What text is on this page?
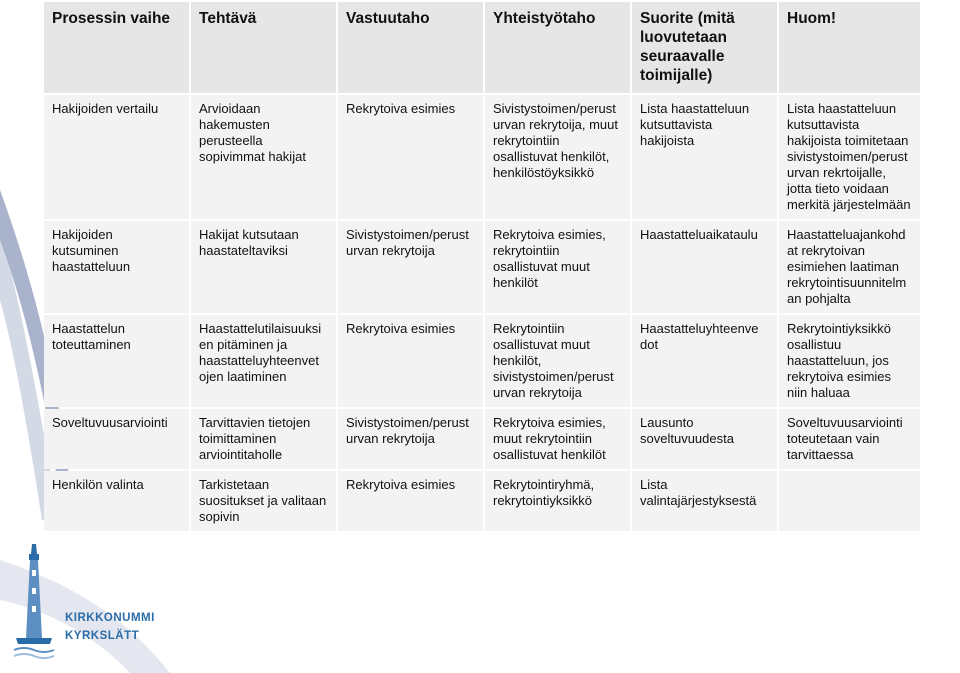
Prosessin vaihe	Tehtävä	Vastuutaho	Yhteistyötaho	Suorite (mitä luovutetaan seuraavalle toimijalle)	Huom!
Hakijoiden vertailu	Arvioidaan hakemusten perusteella sopivimmat hakijat	Rekrytoiva esimies	Sivistystoimen/perust urvan rekrytoija, muut rekrytointiin osallistuvat henkilöt, henkilöstöyksikkö	Lista haastatteluun kutsuttavista hakijoista	Lista haastatteluun kutsuttavista hakijoista toimitetaan sivistystoimen/perust urvan rekrtoijalle, jotta tieto voidaan merkitä järjestelmään
Hakijoiden kutsuminen haastatteluun	Hakijat kutsutaan haastateltaviksi	Sivistystoimen/perust urvan rekrytoija	Rekrytoiva esimies, rekrytointiin osallistuvat muut henkilöt	Haastatteluaikataulu	Haastatteluajankohd at rekrytoivan esimiehen laatiman rekrytointisuunnitelm an pohjalta
Haastattelun toteuttaminen	Haastattelutilaisuuksi en pitäminen ja haastatteluyhteenvet ojen laatiminen	Rekrytoiva esimies	Rekrytointiin osallistuvat muut henkilöt, sivistystoimen/perust urvan rekrytoija	Haastatteluyhteenve dot	Rekrytointiyksikkö osallistuu haastatteluun, jos rekrytoiva esimies niin haluaa
Soveltuvuusarviointi	Tarvittavien tietojen toimittaminen arviointitaholle	Sivistystoimen/perust urvan rekrytoija	Rekrytoiva esimies, muut rekrytointiin osallistuvat henkilöt	Lausunto soveltuvuudesta	Soveltuvuusarviointi toteutetaan vain tarvittaessa
Henkilön valinta	Tarkistetaan suositukset ja valitaan sopivin	Rekrytoiva esimies	Rekrytointiryhmä, rekrytointiyksikkö	Lista valintajärjestyksestä	
KIRKKONUMMI
KYRKSLÄTT
